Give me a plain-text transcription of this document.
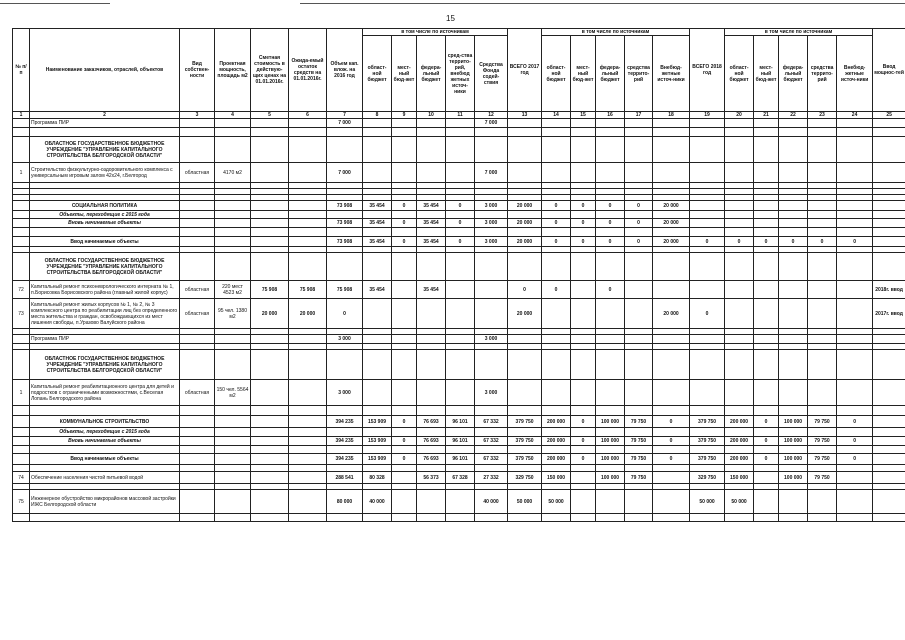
15
№ п/п	Наименование заказчиков, отраслей, объектов	Вид собствен-ности	Проектная мощность, площадь м2	Сметная стоимость в действую-щих ценах на 01.01.2016г.	Ожида-емый остаток средств на 01.01.2016г.	Объем кап. влож. на 2016 год	в том числе по источникам					ВСЕГО 2017 год	в том числе по источникам					ВСЕГО 2018 год	в том числе по источникам					Ввод мощнос-тей
							област-ной бюджет	мест-ный бюд-жет	федера-льный бюджет	сред-ства террито-рий, внебюд жетных источ-ники	Средства Фонда содей-ствия		област-ной бюджет	мест-ный бюд-жет	федера-льный бюджет	средства террито-рий	Внебюд-жетные источ-ники		област-ной бюджет	мест-ный бюд-жет	федера-льный бюджет	средства террито-рий	Внебюд-жетные источ-ники	
1	2	3	4	5	6	7	8	9	10	11	12	13	14	15	16	17	18	19	20	21	22	23	24	25
	Программа ПИР					7 000					7 000													

	ОБЛАСТНОЕ ГОСУДАРСТВЕННОЕ БЮДЖЕТНОЕ УЧРЕЖДЕНИЕ "УПРАВЛЕНИЕ КАПИТАЛЬНОГО СТРОИТЕЛЬСТВА БЕЛГОРОДСКОЙ ОБЛАСТИ"																							
1	Строительство физкультурно-оздоровительного комплекса с универсальным игровым залом 42х24, г.Белгород	областная	4170 м2			7 000					7 000													

	СОЦИАЛЬНАЯ ПОЛИТИКА					73 908	35 454	0	35 454	0	3 000	20 000	0	0	0	0	20 000							
	Объекты, переходящие с 2015 года																							
	Вновь начинаемые объекты					73 908	35 454	0	35 454	0	3 000	20 000	0	0	0	0	20 000							

	Ввод начинаемые объекты					73 908	35 454	0	35 454	0	3 000	20 000	0	0	0	0	20 000	0	0	0	0	0	0	

	ОБЛАСТНОЕ ГОСУДАРСТВЕННОЕ БЮДЖЕТНОЕ УЧРЕЖДЕНИЕ "УПРАВЛЕНИЕ КАПИТАЛЬНОГО СТРОИТЕЛЬСТВА БЕЛГОРОДСКОЙ ОБЛАСТИ"																							
72	Капитальный ремонт психоневрологического интерната № 1, п.Борисовка Борисовского района (главный жилой корпус)	областная	220 мест 4523 м2	75 908	75 908	75 908	35 454		35 454			0	0		0									2018г. ввод
73	Капитальный ремонт жилых корпусов № 1, № 2, № 3 комплексного центра по реабилитации лиц без определенного места жительства и граждан, освобождающихся из мест лишения свободы, п.Уразово Валуйского района	областная	95 чел. 1380 м2	20 000	20 000	0						20 000					20 000	0						2017г. ввод

	Программа ПИР					3 000					3 000													

	ОБЛАСТНОЕ ГОСУДАРСТВЕННОЕ БЮДЖЕТНОЕ УЧРЕЖДЕНИЕ "УПРАВЛЕНИЕ КАПИТАЛЬНОГО СТРОИТЕЛЬСТВА БЕЛГОРОДСКОЙ ОБЛАСТИ"																							
1	Капитальный ремонт реабилитационного центра для детей и подростков с ограниченными возможностями, с.Веселая Лопань Белгородского района	областная	150 чел. 5564 м2			3 000					3 000													

	КОММУНАЛЬНОЕ СТРОИТЕЛЬСТВО					394 235	153 909	0	76 693	96 101	67 332	379 750	200 000	0	100 000	79 750	0	379 750	200 000	0	100 000	79 750	0	
	Объекты, переходящие с 2015 года																							
	Вновь начинаемые объекты					394 235	153 909	0	76 693	96 101	67 332	379 750	200 000	0	100 000	79 750	0	379 750	200 000	0	100 000	79 750	0	

	Ввод начинаемые объекты					394 235	153 909	0	76 693	96 101	67 332	379 750	200 000	0	100 000	79 750	0	379 750	200 000	0	100 000	79 750	0	

74	Обеспечение населения чистой питьевой водой					288 541	80 328		56 373	67 328	27 332	329 750	150 000		100 000	79 750		329 750	150 000		100 000	79 750		

75	Инженерное обустройство микрорайонов массовой застройки ИЖС Белгородской области					80 000	40 000				40 000	50 000	50 000					50 000	50 000					
